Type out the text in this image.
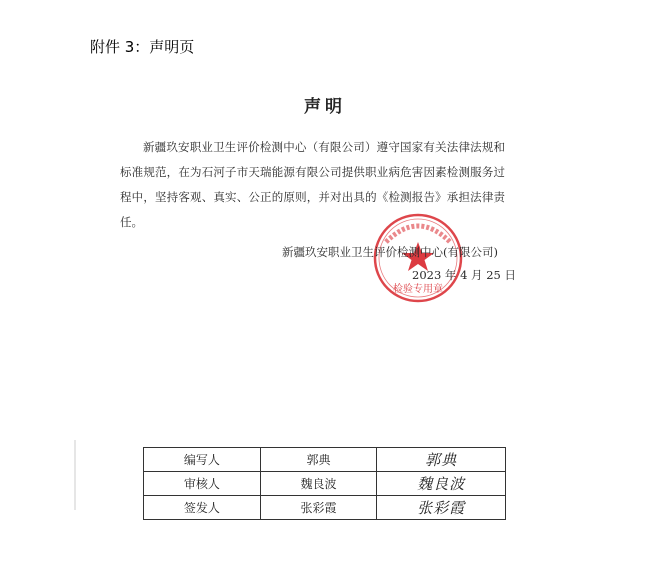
附件 3：声明页
声明
新疆玖安职业卫生评价检测中心（有限公司）遵守国家有关法律法规和标准规范，在为石河子市天瑞能源有限公司提供职业病危害因素检测服务过程中，坚持客观、真实、公正的原则，并对出具的《检测报告》承担法律责任。
检验专用章
新疆玖安职业卫生评价检测中心(有限公司)
2023 年 4 月 25 日
编写人	郭典	郭典
审核人	魏良波	魏良波
签发人	张彩霞	张彩霞
